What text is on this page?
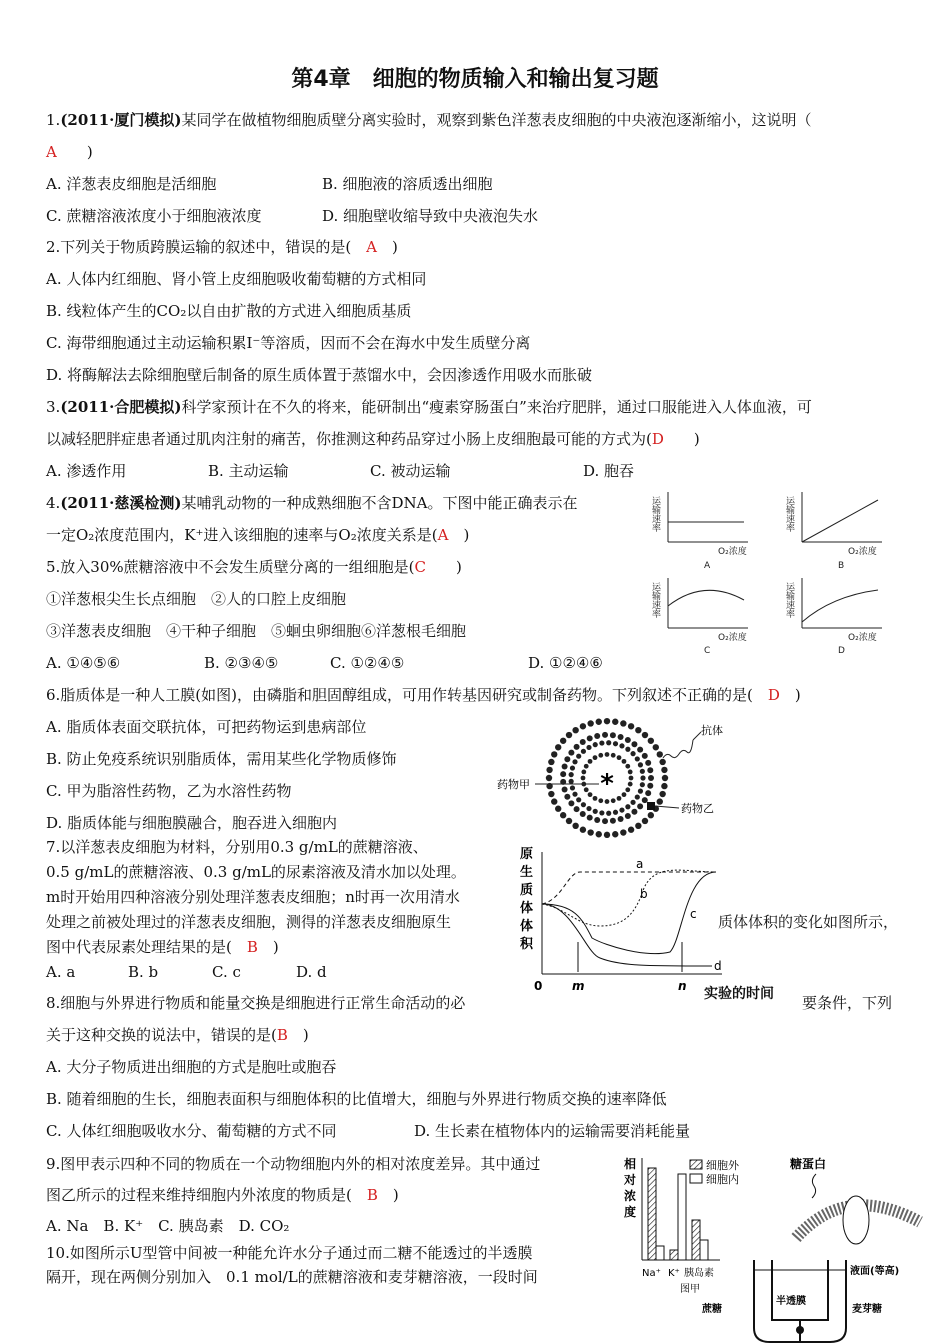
第4章　细胞的物质输入和输出复习题
1.(2011·厦门模拟)某同学在做植物细胞质壁分离实验时，观察到紫色洋葱表皮细胞的中央液泡逐渐缩小，这说明（
A　　)
A. 洋葱表皮细胞是活细胞	B. 细胞液的溶质透出细胞
C. 蔗糖溶液浓度小于细胞液浓度	D. 细胞壁收缩导致中央液泡失水
2.下列关于物质跨膜运输的叙述中，错误的是(　A　)
A. 人体内红细胞、肾小管上皮细胞吸收葡萄糖的方式相同
B. 线粒体产生的CO₂以自由扩散的方式进入细胞质基质
C. 海带细胞通过主动运输积累I⁻等溶质，因而不会在海水中发生质壁分离
D. 将酶解法去除细胞壁后制备的原生质体置于蒸馏水中，会因渗透作用吸水而胀破
3.(2011·合肥模拟)科学家预计在不久的将来，能研制出“瘦素穿肠蛋白”来治疗肥胖，通过口服能进入人体血液，可
以减轻肥胖症患者通过肌肉注射的痛苦，你推测这种药品穿过小肠上皮细胞最可能的方式为(D　　)
A. 渗透作用	B. 主动运输	C. 被动运输	D. 胞吞
4.(2011·慈溪检测)某哺乳动物的一种成熟细胞不含DNA。下图中能正确表示在
一定O₂浓度范围内，K⁺进入该细胞的速率与O₂浓度关系是(A　)
5.放入30%蔗糖溶液中不会发生质壁分离的一组细胞是(C　　)
①洋葱根尖生长点细胞　②人的口腔上皮细胞
③洋葱表皮细胞　④干种子细胞　⑤蛔虫卵细胞⑥洋葱根毛细胞
A. ①④⑤⑥	B. ②③④⑤	C. ①②④⑤	D. ①②④⑥
6.脂质体是一种人工膜(如图)，由磷脂和胆固醇组成，可用作转基因研究或制备药物。下列叙述不正确的是(　D　)
A. 脂质体表面交联抗体，可把药物运到患病部位
B. 防止免疫系统识别脂质体，需用某些化学物质修饰
C. 甲为脂溶性药物，乙为水溶性药物
D. 脂质体能与细胞膜融合，胞吞进入细胞内
7.以洋葱表皮细胞为材料，分别用0.3 g/mL的蔗糖溶液、
0.5 g/mL的蔗糖溶液、0.3 g/mL的尿素溶液及清水加以处理。
m时开始用四种溶液分别处理洋葱表皮细胞；n时再一次用清水
处理之前被处理过的洋葱表皮细胞，测得的洋葱表皮细胞原生	质体体积的变化如图所示，
图中代表尿素处理结果的是(　B　)
A. a	B. b	C. c	D. d
8.细胞与外界进行物质和能量交换是细胞进行正常生命活动的必	要条件，下列
关于这种交换的说法中，错误的是(B　)
A. 大分子物质进出细胞的方式是胞吐或胞吞
B. 随着细胞的生长，细胞表面积与细胞体积的比值增大，细胞与外界进行物质交换的速率降低
C. 人体红细胞吸收水分、葡萄糖的方式不同	D. 生长素在植物体内的运输需要消耗能量
9.图甲表示四种不同的物质在一个动物细胞内外的相对浓度差异。其中通过
图乙所示的过程来维持细胞内外浓度的物质是(　B　)
A. Na　B. K⁺　C. 胰岛素　D. CO₂
10.如图所示U型管中间被一种能允许水分子通过而二糖不能透过的半透膜
隔开，现在两侧分别加入　0.1 mol/L的蔗糖溶液和麦芽糖溶液，一段时间
运输速率
O₂浓度
A
运输速率
O₂浓度
B
运输速率
O₂浓度
C
运输速率
O₂浓度
D
*
药物甲
药物乙
抗体
原
生
质
体
体
积
a
b
c
d
0 m	n 实验的时间
相
对
浓
度
细胞外
细胞内
Na⁺ K⁺ 胰岛素
图甲
糖蛋白
液面(等高)
蔗糖
半透膜
麦芽糖
